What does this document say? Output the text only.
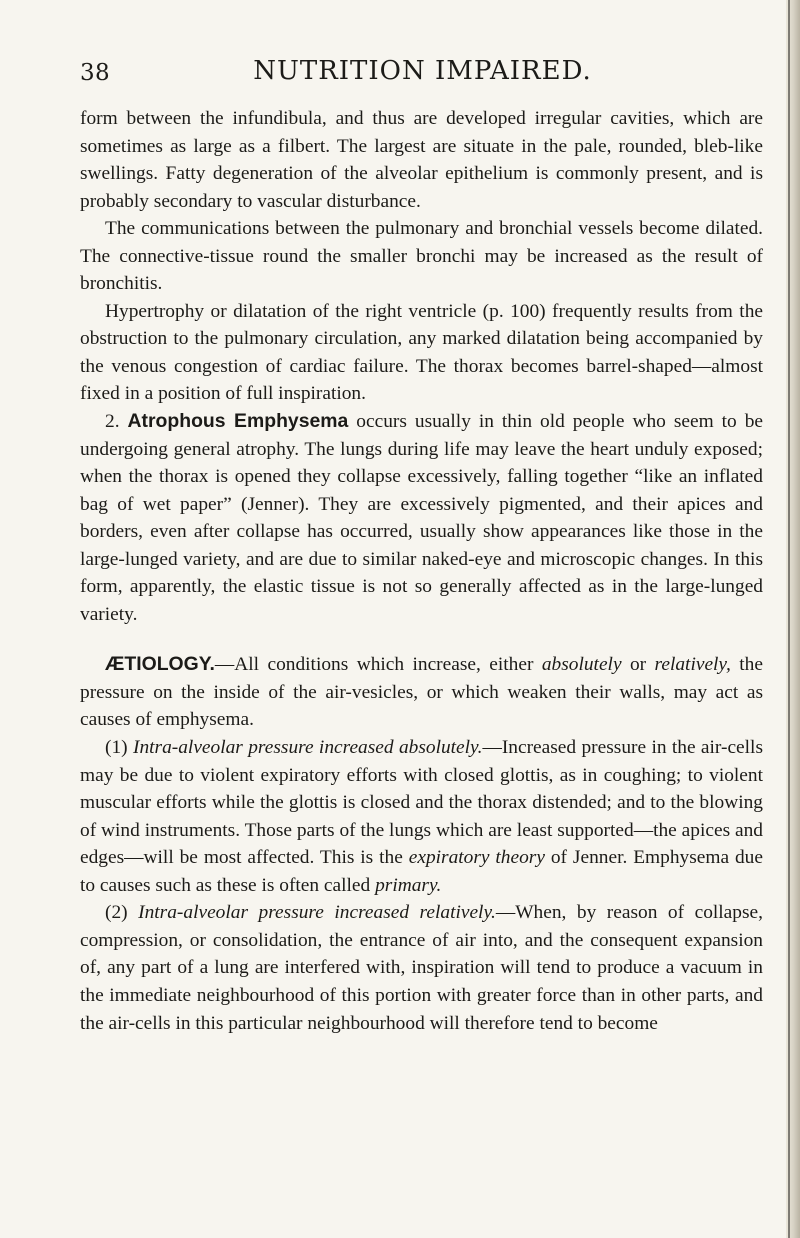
38	NUTRITION IMPAIRED.

form between the infundibula, and thus are developed irregular cavities, which are sometimes as large as a filbert. The largest are situate in the pale, rounded, bleb-like swellings. Fatty degeneration of the alveolar epithelium is commonly present, and is probably secondary to vascular disturbance.

The communications between the pulmonary and bronchial vessels become dilated. The connective-tissue round the smaller bronchi may be increased as the result of bronchitis.

Hypertrophy or dilatation of the right ventricle (p. 100) frequently results from the obstruction to the pulmonary circulation, any marked dilatation being accompanied by the venous congestion of cardiac failure. The thorax becomes barrel-shaped—almost fixed in a position of full inspiration.

2. Atrophous Emphysema occurs usually in thin old people who seem to be undergoing general atrophy. The lungs during life may leave the heart unduly exposed; when the thorax is opened they collapse excessively, falling together “like an inflated bag of wet paper” (Jenner). They are excessively pigmented, and their apices and borders, even after collapse has occurred, usually show appearances like those in the large-lunged variety, and are due to similar naked-eye and microscopic changes. In this form, apparently, the elastic tissue is not so generally affected as in the large-lunged variety.

ÆTIOLOGY.—All conditions which increase, either absolutely or relatively, the pressure on the inside of the air-vesicles, or which weaken their walls, may act as causes of emphysema.

(1) Intra-alveolar pressure increased absolutely.—Increased pressure in the air-cells may be due to violent expiratory efforts with closed glottis, as in coughing; to violent muscular efforts while the glottis is closed and the thorax distended; and to the blowing of wind instruments. Those parts of the lungs which are least supported—the apices and edges—will be most affected. This is the expiratory theory of Jenner. Emphysema due to causes such as these is often called primary.

(2) Intra-alveolar pressure increased relatively.—When, by reason of collapse, compression, or consolidation, the entrance of air into, and the consequent expansion of, any part of a lung are interfered with, inspiration will tend to produce a vacuum in the immediate neighbourhood of this portion with greater force than in other parts, and the air-cells in this particular neighbourhood will therefore tend to become
